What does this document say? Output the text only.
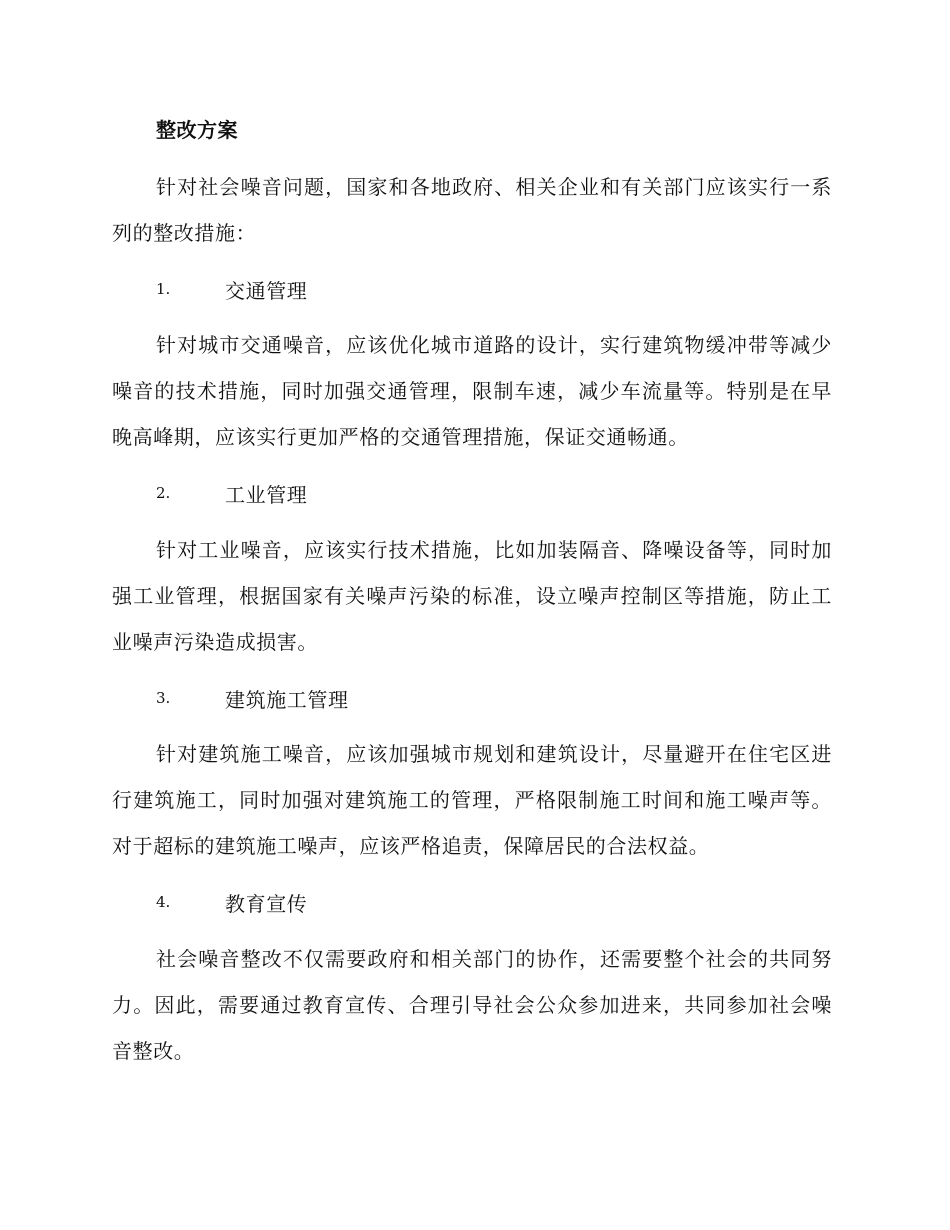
整改方案

针对社会噪音问题，国家和各地政府、相关企业和有关部门应该实行一系列的整改措施：

1.	交通管理

针对城市交通噪音，应该优化城市道路的设计，实行建筑物缓冲带等减少噪音的技术措施，同时加强交通管理，限制车速，减少车流量等。特别是在早晚高峰期，应该实行更加严格的交通管理措施，保证交通畅通。

2.	工业管理

针对工业噪音，应该实行技术措施，比如加装隔音、降噪设备等，同时加强工业管理，根据国家有关噪声污染的标准，设立噪声控制区等措施，防止工业噪声污染造成损害。

3.	建筑施工管理

针对建筑施工噪音，应该加强城市规划和建筑设计，尽量避开在住宅区进行建筑施工，同时加强对建筑施工的管理，严格限制施工时间和施工噪声等。对于超标的建筑施工噪声，应该严格追责，保障居民的合法权益。

4.	教育宣传

社会噪音整改不仅需要政府和相关部门的协作，还需要整个社会的共同努力。因此，需要通过教育宣传、合理引导社会公众参加进来，共同参加社会噪音整改。
